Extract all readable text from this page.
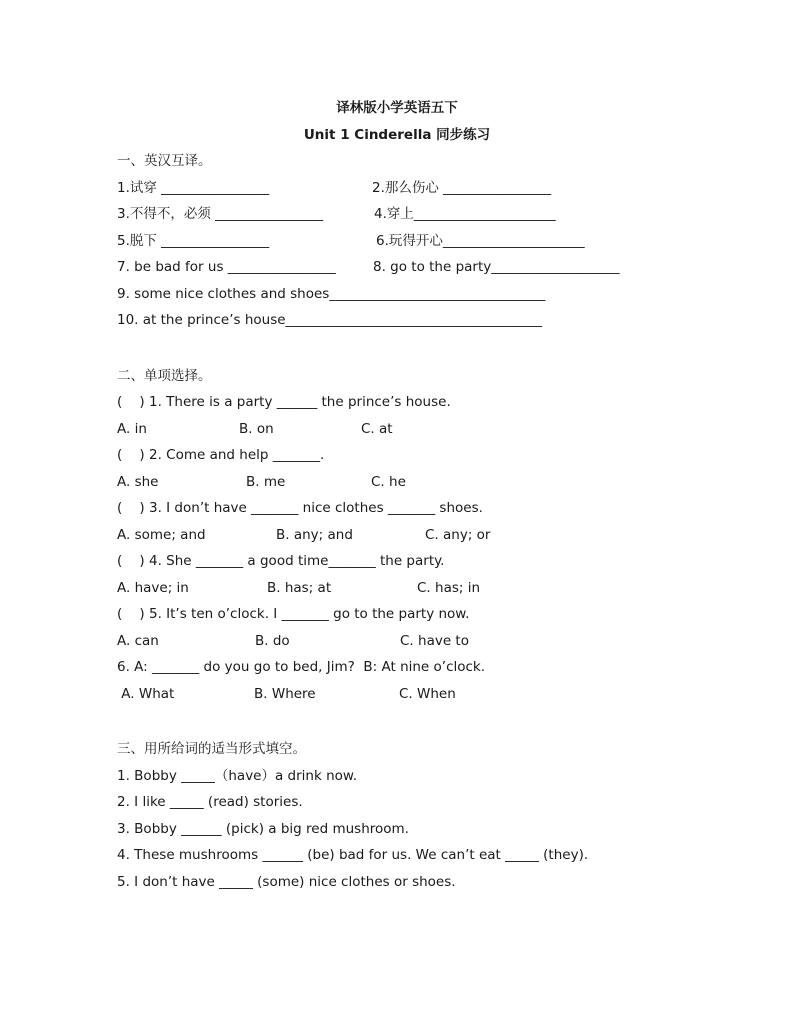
译林版小学英语五下
Unit 1 Cinderella 同步练习
一、英汉互译。
1.试穿 ________________	2.那么伤心 ________________
3.不得不，必须 ________________	4.穿上_____________________
5.脱下 ________________	6.玩得开心_____________________
7. be bad for us ________________	8. go to the party___________________
9. some nice clothes and shoes________________________________
10. at the prince’s house______________________________________
二、单项选择。
(    ) 1. There is a party ______ the prince’s house.
A. in	B. on	C. at
(    ) 2. Come and help _______.
A. she	B. me	C. he
(    ) 3. I don’t have _______ nice clothes _______ shoes.
A. some; and	B. any; and	C. any; or
(    ) 4. She _______ a good time_______ the party.
A. have; in	B. has; at	C. has; in
(    ) 5. It’s ten o’clock. I _______ go to the party now.
A. can	B. do	C. have to
6. A: _______ do you go to bed, Jim?  B: At nine o’clock.
A. What	B. Where	C. When
三、用所给词的适当形式填空。
1. Bobby _____（have）a drink now.
2. I like _____ (read) stories.
3. Bobby ______ (pick) a big red mushroom.
4. These mushrooms ______ (be) bad for us. We can’t eat _____ (they).
5. I don’t have _____ (some) nice clothes or shoes.
